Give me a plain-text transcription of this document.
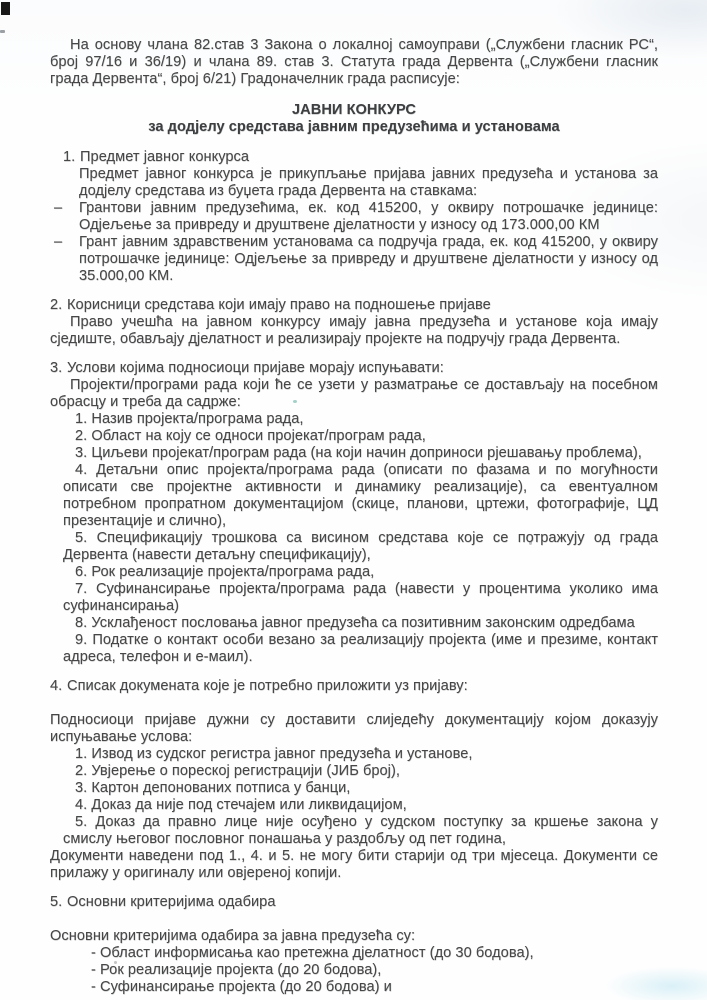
На основу члана 82.став 3 Закона о локалној самоуправи („Службени гласник РС“, број 97/16 и 36/19) и члана 89. став 3. Статута града Дервента („Службени гласник града Дервента“, број 6/21) Градоначелник града расписује:

ЈАВНИ КОНКУРС
за додјелу средстава јавним предузећима и установама
1. Предмет јавног конкурса

Предмет јавног конкурса је прикупљање пријава јавних предузећа и установа за додјелу средстава из буџета града Дервента на ставкама:

– Грантови јавним предузећима, ек. код 415200, у оквиру потрошачке јединице: Одјељење за привреду и друштвене дјелатности у износу од 173.000,00 КМ

– Грант јавним здравственим установама са подручја града, ек. код 415200, у оквиру потрошачке јединице: Одјељење за привреду и друштвене дјелатности у износу од 35.000,00 КМ.

2. Корисници средстава који имају право на подношење пријаве

Право учешћа на јавном конкурсу имају јавна предузећа и установе која имају сједиште, обављају дјелатност и реализирају пројекте на подручју града Дервента.

3. Услови којима подносиоци пријаве морају испуњавати:

Пројекти/програми рада који ће се узети у разматрање се достављају на посебном обрасцу и треба да садрже:

1. Назив пројекта/програма рада,
2. Област на коју се односи пројекат/програм рада,
3. Циљеви пројекат/програм рада (на који начин доприноси рјешавању проблема),
4. Детаљни опис пројекта/програма рада (описати по фазама и по могућности описати све пројектне активности и динамику реализације), са евентуалном потребном пропратном документацијом (скице, планови, цртежи, фотографије, ЦД презентације и слично),
5. Спецификацију трошкова са висином средстава које се потражују од града Дервента (навести детаљну спецификацију),
6. Рок реализације пројекта/програма рада,
7. Суфинансирање пројекта/програма рада (навести у процентима уколико има суфинансирања)
8. Усклађеност пословања јавног предузећа са позитивним законским одредбама
9. Податке о контакт особи везано за реализацију пројекта (име и презиме, контакт адреса, телефон и е-маил).
4. Списак докумената које је потребно приложити уз пријаву:

Подносиоци пријаве дужни су доставити слиједећу документацију којом доказују испуњавање услова:

1. Извод из судског регистра јавног предузећа и установе,
2. Увјерење о пореској регистрацији (ЈИБ број),
3. Картон депонованих потписа у банци,
4. Доказ да није под стечајем или ликвидацијом,
5. Доказ да правно лице није осуђено у судском поступку за кршење закона у смислу његовог пословног понашања у раздобљу од пет година,

Документи наведени под 1., 4. и 5. не могу бити старији од три мјесеца. Документи се прилажу у оригиналу или овјереној копији.

5. Основни критеријима одабира

Основни критеријима одабира за јавна предузећа су:

- Област информисања као претежна дјелатност (до 30 бодова),
- Рок реализације пројекта (до 20 бодова),
- Суфинансирање пројекта (до 20 бодова) и
